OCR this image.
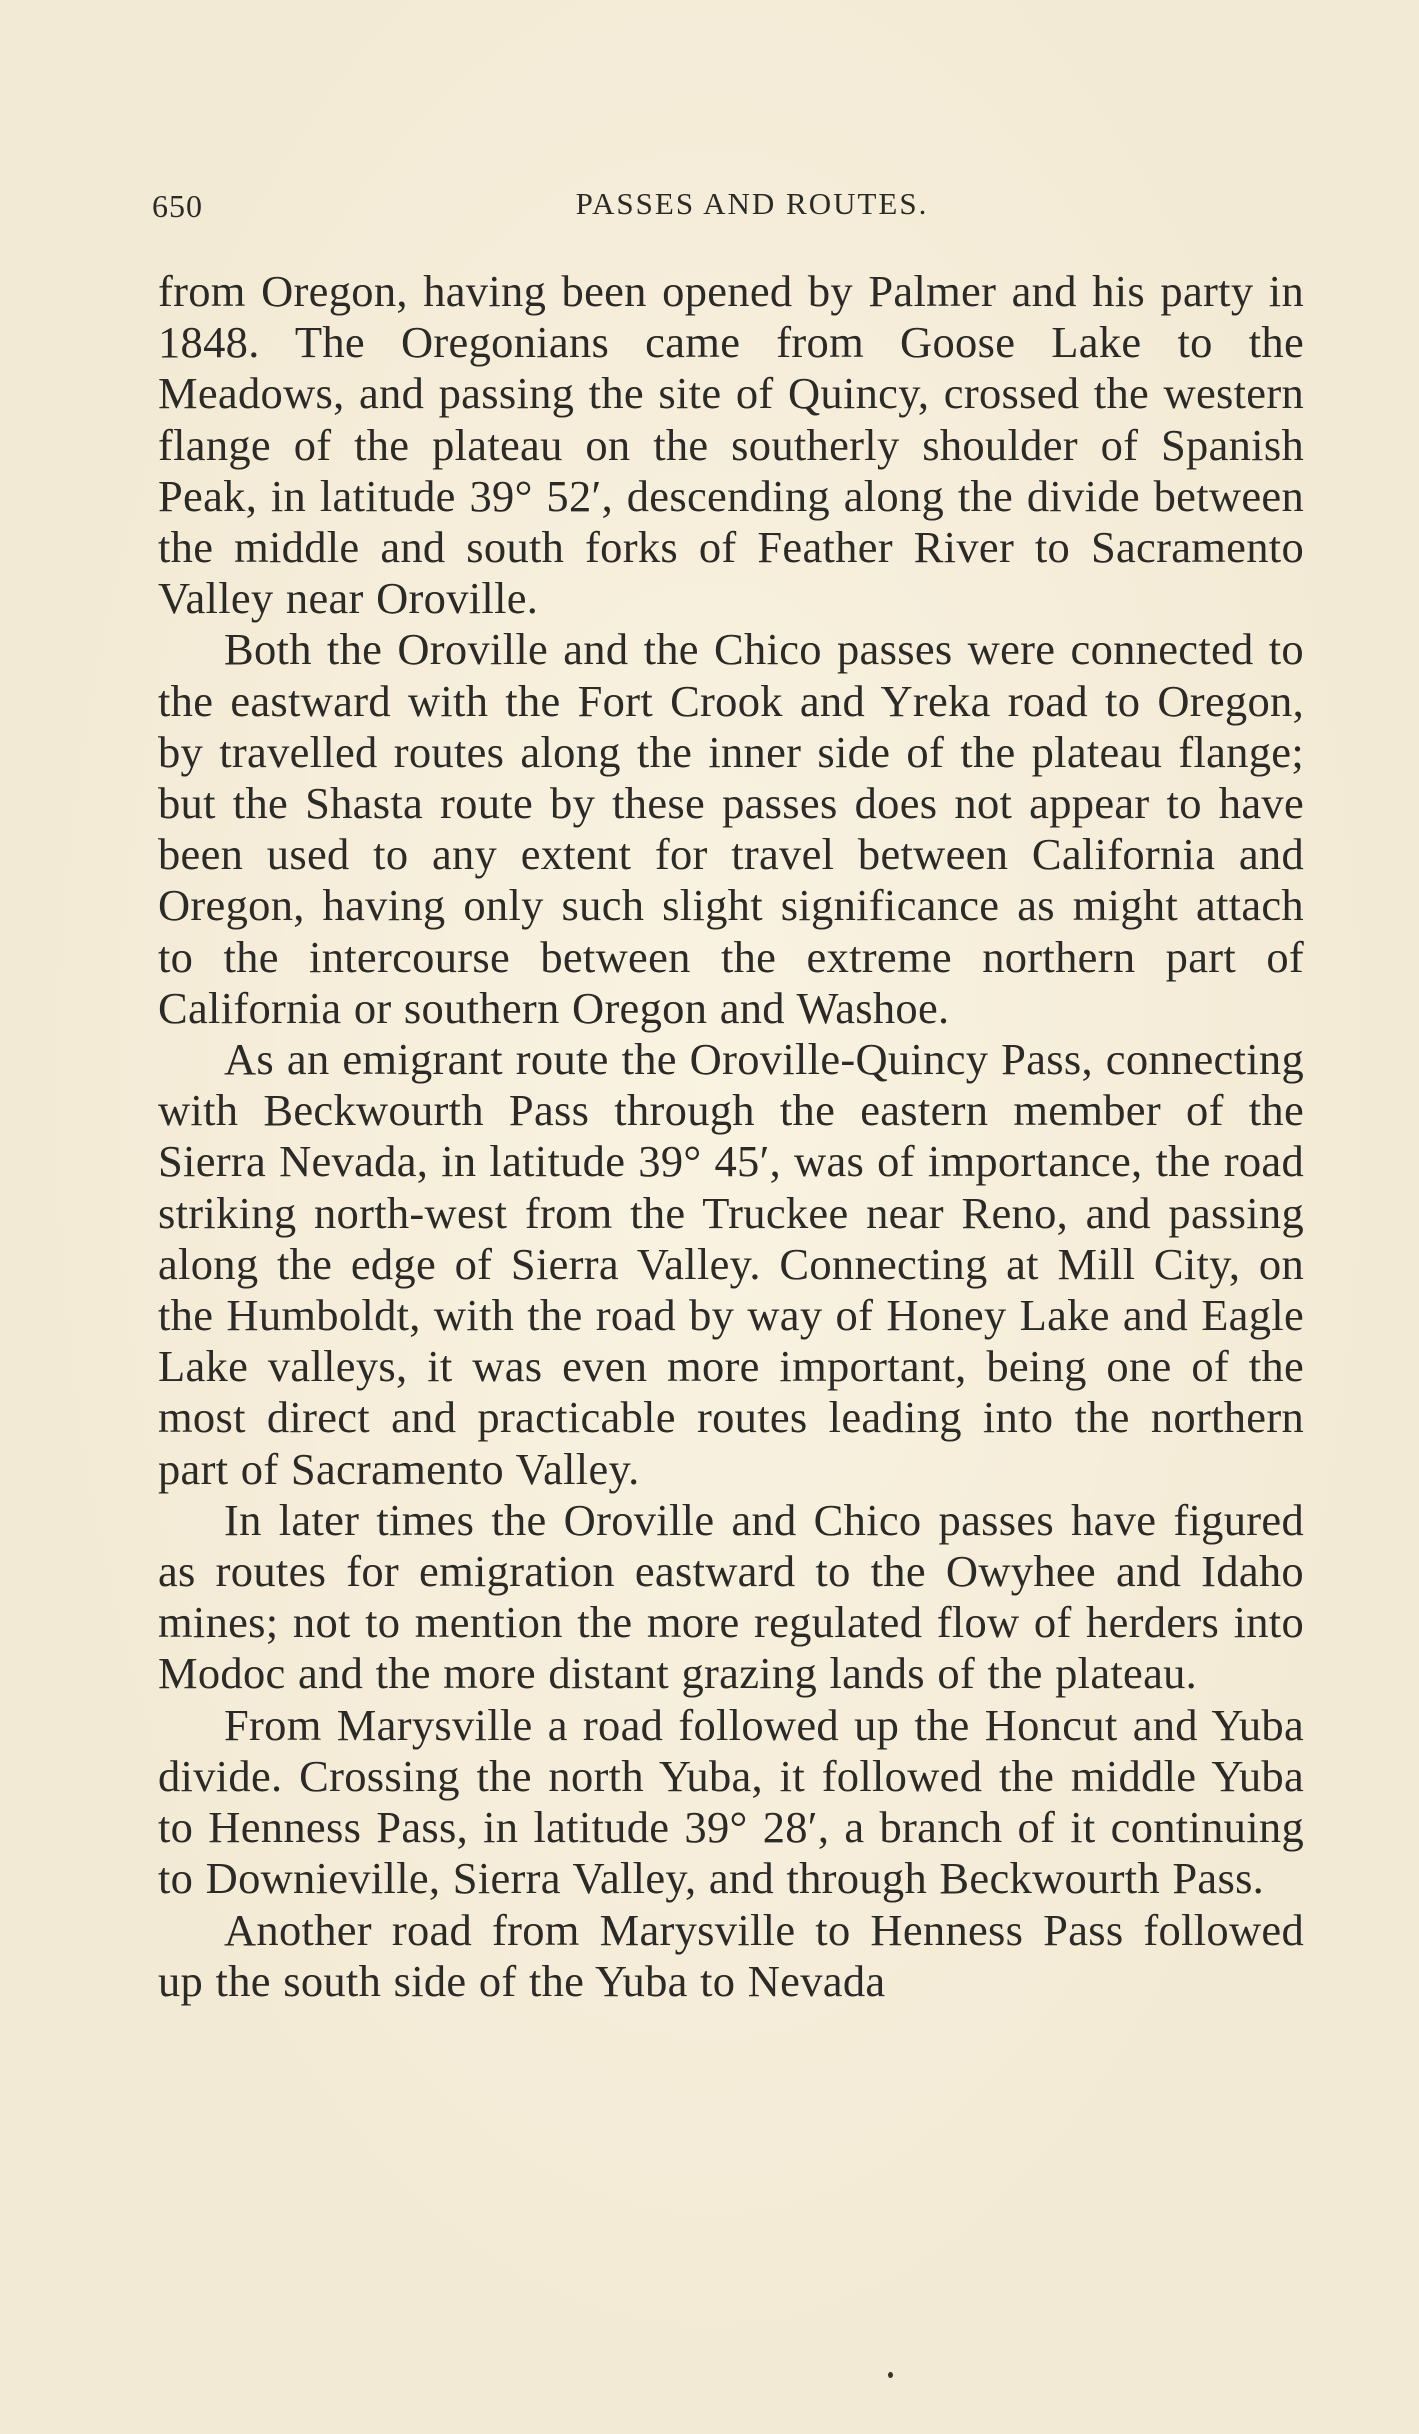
650	PASSES AND ROUTES.

from Oregon, having been opened by Palmer and his party in 1848. The Oregonians came from Goose Lake to the Meadows, and passing the site of Quincy, crossed the western flange of the plateau on the southerly shoulder of Spanish Peak, in latitude 39° 52′, descending along the divide between the middle and south forks of Feather River to Sacramento Valley near Oroville.

Both the Oroville and the Chico passes were connected to the eastward with the Fort Crook and Yreka road to Oregon, by travelled routes along the inner side of the plateau flange; but the Shasta route by these passes does not appear to have been used to any extent for travel between California and Oregon, having only such slight significance as might attach to the intercourse between the extreme northern part of California or southern Oregon and Washoe.

As an emigrant route the Oroville-Quincy Pass, connecting with Beckwourth Pass through the eastern member of the Sierra Nevada, in latitude 39° 45′, was of importance, the road striking north-west from the Truckee near Reno, and passing along the edge of Sierra Valley. Connecting at Mill City, on the Humboldt, with the road by way of Honey Lake and Eagle Lake valleys, it was even more important, being one of the most direct and practicable routes leading into the northern part of Sacramento Valley.

In later times the Oroville and Chico passes have figured as routes for emigration eastward to the Owyhee and Idaho mines; not to mention the more regulated flow of herders into Modoc and the more distant grazing lands of the plateau.

From Marysville a road followed up the Honcut and Yuba divide. Crossing the north Yuba, it followed the middle Yuba to Henness Pass, in latitude 39° 28′, a branch of it continuing to Downieville, Sierra Valley, and through Beckwourth Pass.

Another road from Marysville to Henness Pass followed up the south side of the Yuba to Nevada
